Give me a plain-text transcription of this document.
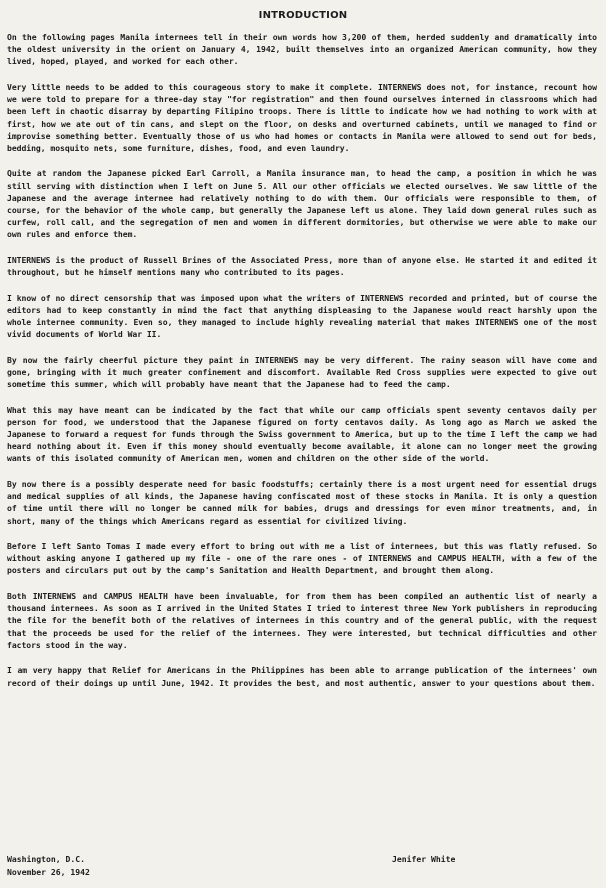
INTRODUCTION

On the following pages Manila internees tell in their own words how 3,200 of them, herded suddenly and dramatically into the oldest university in the orient on January 4, 1942, built themselves into an organized American community, how they lived, hoped, played, and worked for each other.

Very little needs to be added to this courageous story to make it complete. INTERNEWS does not, for instance, recount how we were told to prepare for a three-day stay "for registration" and then found ourselves interned in classrooms which had been left in chaotic disarray by departing Filipino troops. There is little to indicate how we had nothing to work with at first, how we ate out of tin cans, and slept on the floor, on desks and overturned cabinets, until we managed to find or improvise something better. Eventually those of us who had homes or contacts in Manila were allowed to send out for beds, bedding, mosquito nets, some furniture, dishes, food, and even laundry.

Quite at random the Japanese picked Earl Carroll, a Manila insurance man, to head the camp, a position in which he was still serving with distinction when I left on June 5. All our other officials we elected ourselves. We saw little of the Japanese and the average internee had relatively nothing to do with them. Our officials were responsible to them, of course, for the behavior of the whole camp, but generally the Japanese left us alone. They laid down general rules such as curfew, roll call, and the segregation of men and women in different dormitories, but otherwise we were able to make our own rules and enforce them.

INTERNEWS is the product of Russell Brines of the Associated Press, more than of anyone else. He started it and edited it throughout, but he himself mentions many who contributed to its pages.

I know of no direct censorship that was imposed upon what the writers of INTERNEWS recorded and printed, but of course the editors had to keep constantly in mind the fact that anything displeasing to the Japanese would react harshly upon the whole internee community. Even so, they managed to include highly revealing material that makes INTERNEWS one of the most vivid documents of World War II.

By now the fairly cheerful picture they paint in INTERNEWS may be very different. The rainy season will have come and gone, bringing with it much greater confinement and discomfort. Available Red Cross supplies were expected to give out sometime this summer, which will probably have meant that the Japanese had to feed the camp.

What this may have meant can be indicated by the fact that while our camp officials spent seventy centavos daily per person for food, we understood that the Japanese figured on forty centavos daily. As long ago as March we asked the Japanese to forward a request for funds through the Swiss government to America, but up to the time I left the camp we had heard nothing about it. Even if this money should eventually become available, it alone can no longer meet the growing wants of this isolated community of American men, women and children on the other side of the world.

By now there is a possibly desperate need for basic foodstuffs; certainly there is a most urgent need for essential drugs and medical supplies of all kinds, the Japanese having confiscated most of these stocks in Manila. It is only a question of time until there will no longer be canned milk for babies, drugs and dressings for even minor treatments, and, in short, many of the things which Americans regard as essential for civilized living.

Before I left Santo Tomas I made every effort to bring out with me a list of internees, but this was flatly refused. So without asking anyone I gathered up my file - one of the rare ones - of INTERNEWS and CAMPUS HEALTH, with a few of the posters and circulars put out by the camp's Sanitation and Health Department, and brought them along.

Both INTERNEWS and CAMPUS HEALTH have been invaluable, for from them has been compiled an authentic list of nearly a thousand internees. As soon as I arrived in the United States I tried to interest three New York publishers in reproducing the file for the benefit both of the relatives of internees in this country and of the general public, with the request that the proceeds be used for the relief of the internees. They were interested, but technical difficulties and other factors stood in the way.

I am very happy that Relief for Americans in the Philippines has been able to arrange publication of the internees' own record of their doings up until June, 1942. It provides the best, and most authentic, answer to your questions about them.

Washington, D.C.
November 26, 1942
Jenifer White
